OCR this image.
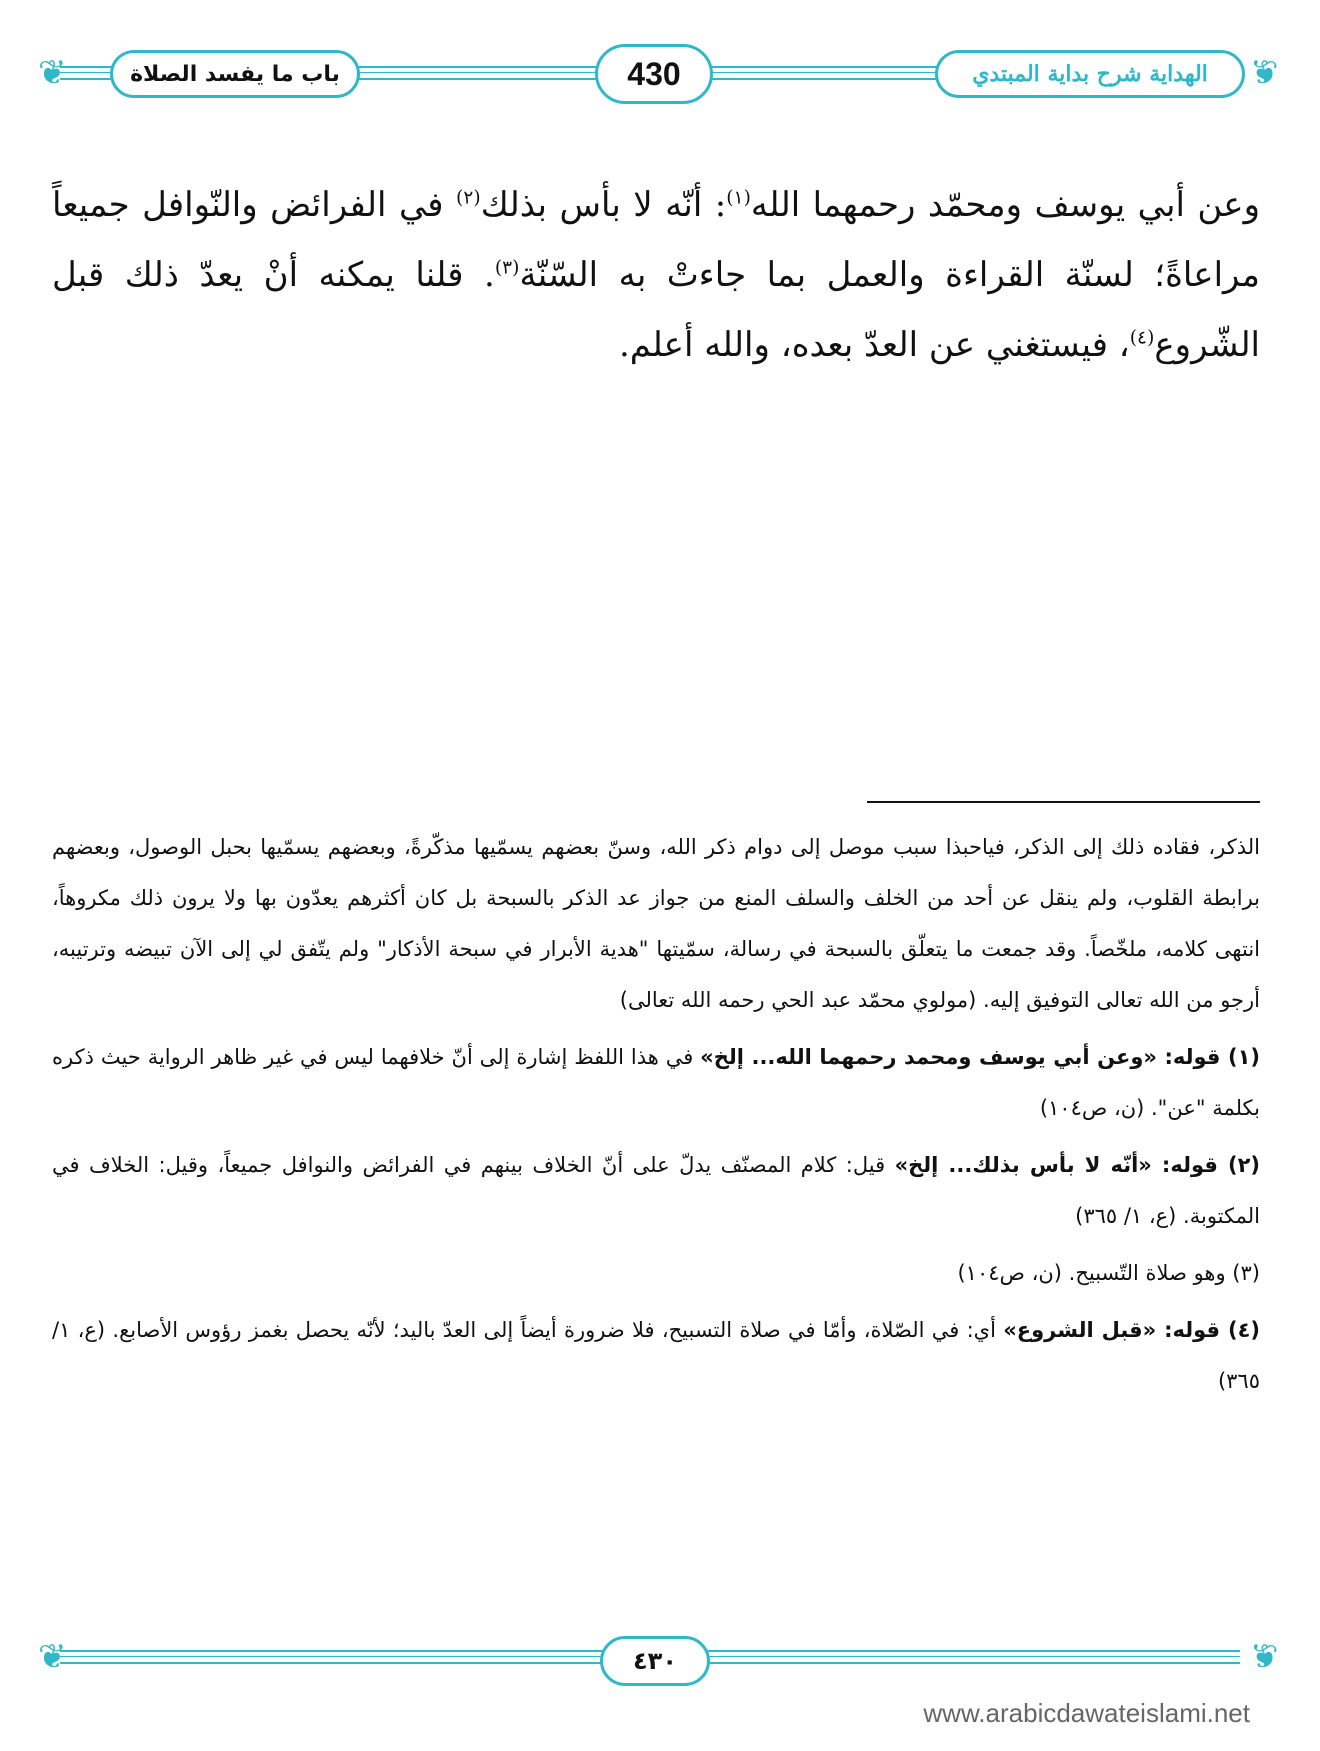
❦	❦
باب ما يفسد الصلاة	430	الهداية شرح بداية المبتدي
وعن أبي يوسف ومحمّد رحمهما الله$^{(١)}$: أنّه لا بأس بذلك$^{(٢)}$ في الفرائض والنّوافل جميعاً مراعاةً؛ لسنّة القراءة والعمل بما جاءتْ به السّنّة$^{(٣)}$. قلنا يمكنه أنْ يعدّ ذلك قبل الشّروع$^{(٤)}$، فيستغني عن العدّ بعده، والله أعلم.
الذكر، فقاده ذلك إلى الذكر، فياحبذا سبب موصل إلى دوام ذكر الله، وسنّ بعضهم يسمّيها مذكّرةً، وبعضهم يسمّيها بحبل الوصول، وبعضهم برابطة القلوب، ولم ينقل عن أحد من الخلف والسلف المنع من جواز عد الذكر بالسبحة بل كان أكثرهم يعدّون بها ولا يرون ذلك مكروهاً، انتهى كلامه، ملخّصاً. وقد جمعت ما يتعلّق بالسبحة في رسالة، سمّيتها "هدية الأبرار في سبحة الأذكار" ولم يتّفق لي إلى الآن تبيضه وترتيبه، أرجو من الله تعالى التوفيق إليه. (مولوي محمّد عبد الحي رحمه الله تعالى)
(١) قوله: «وعن أبي يوسف ومحمد رحمهما الله... إلخ» في هذا اللفظ إشارة إلى أنّ خلافهما ليس في غير ظاهر الرواية حيث ذكره بكلمة "عن". (ن، ص١٠٤)
(٢) قوله: «أنّه لا بأس بذلك... إلخ» قيل: كلام المصنّف يدلّ على أنّ الخلاف بينهم في الفرائض والنوافل جميعاً، وقيل: الخلاف في المكتوبة. (ع، ١/ ٣٦٥)
(٣) وهو صلاة التّسبيح. (ن، ص١٠٤)
(٤) قوله: «قبل الشروع» أي: في الصّلاة، وأمّا في صلاة التسبيح، فلا ضرورة أيضاً إلى العدّ باليد؛ لأنّه يحصل بغمز رؤوس الأصابع. (ع، ١/ ٣٦٥)
❦	❦
٤٣٠
www.arabicdawateislami.net
